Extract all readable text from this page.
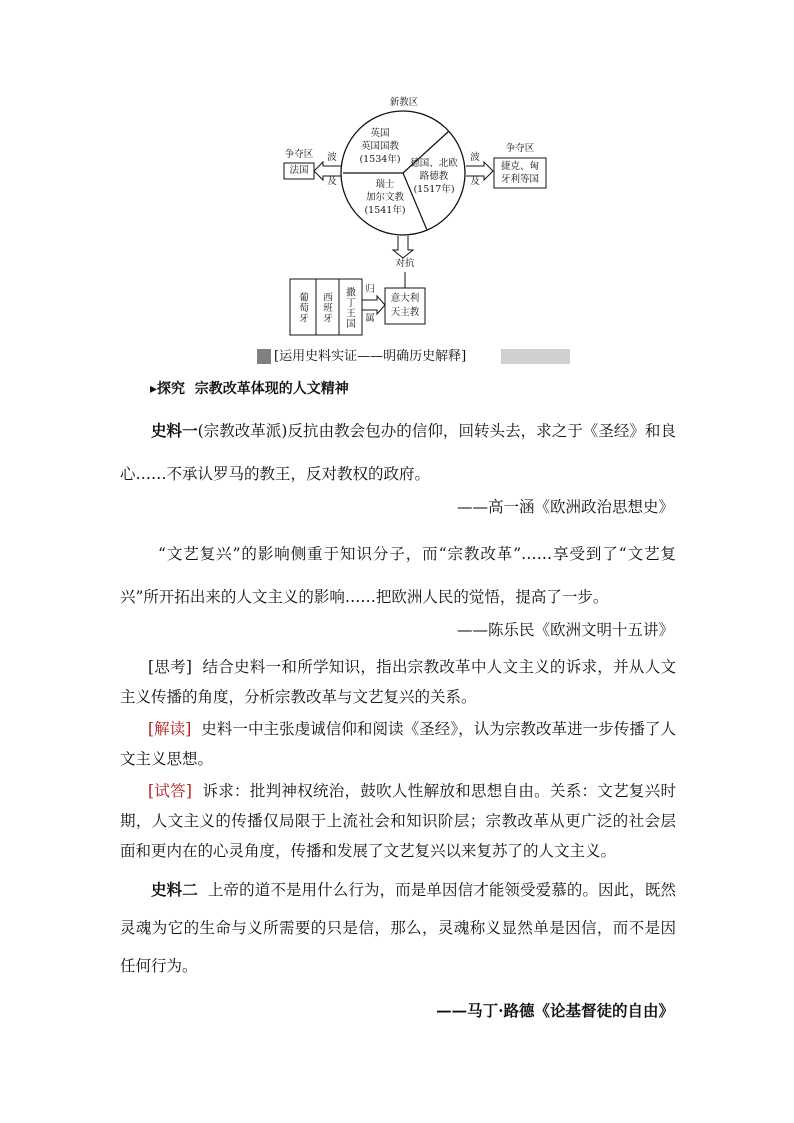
新教区
争夺区
法国
波
及
争夺区
捷克、匈
牙利等国
波
及
英国
英国国教
(1534年)	德国、北欧
路德教
(1517年)
瑞士
加尔文教
(1541年)
对抗
葡萄牙 西班牙 撒丁王国 归
属
意大利
天主教
[运用史料实证——明确历史解释]
▸探究 宗教改革体现的人文精神
史料一(宗教改革派)反抗由教会包办的信仰，回转头去，求之于《圣经》和良心……不承认罗马的教王，反对教权的政府。
——高一涵《欧洲政治思想史》
“文艺复兴”的影响侧重于知识分子，而“宗教改革”……享受到了“文艺复兴”所开拓出来的人文主义的影响……把欧洲人民的觉悟，提高了一步。
——陈乐民《欧洲文明十五讲》
[思考] 结合史料一和所学知识，指出宗教改革中人文主义的诉求，并从人文主义传播的角度，分析宗教改革与文艺复兴的关系。
[解读] 史料一中主张虔诚信仰和阅读《圣经》，认为宗教改革进一步传播了人文主义思想。
[试答] 诉求：批判神权统治，鼓吹人性解放和思想自由。关系：文艺复兴时期，人文主义的传播仅局限于上流社会和知识阶层；宗教改革从更广泛的社会层面和更内在的心灵角度，传播和发展了文艺复兴以来复苏了的人文主义。
史料二 上帝的道不是用什么行为，而是单因信才能领受爱慕的。因此，既然灵魂为它的生命与义所需要的只是信，那么，灵魂称义显然单是因信，而不是因任何行为。
——马丁·路德《论基督徒的自由》
